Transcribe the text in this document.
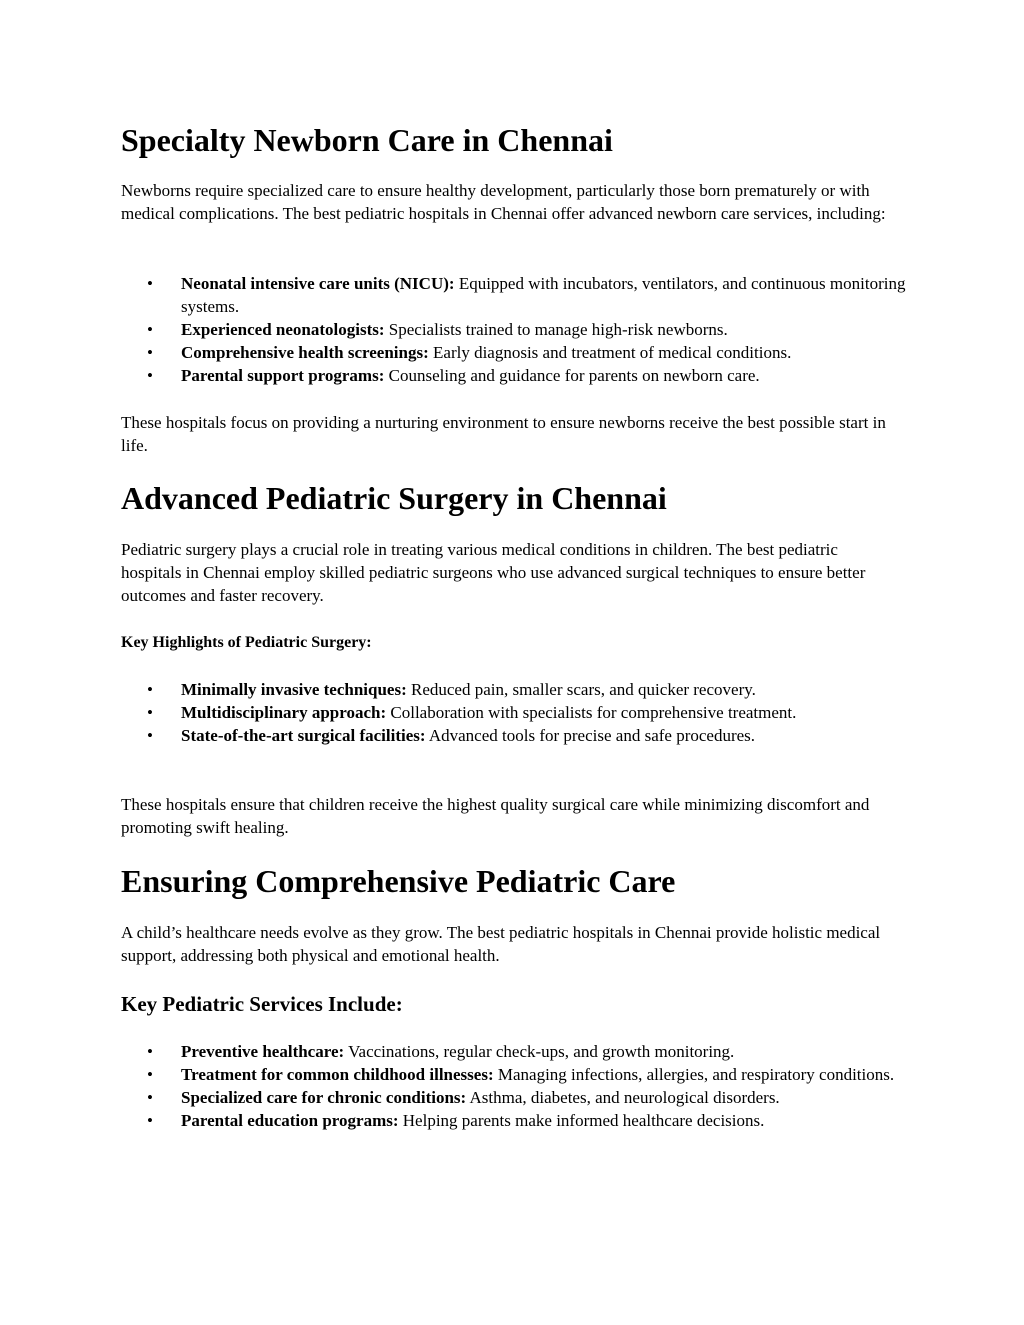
Specialty Newborn Care in Chennai

Newborns require specialized care to ensure healthy development, particularly those born prematurely or with medical complications. The best pediatric hospitals in Chennai offer advanced newborn care services, including:

• Neonatal intensive care units (NICU): Equipped with incubators, ventilators, and continuous monitoring systems.
• Experienced neonatologists: Specialists trained to manage high-risk newborns.
• Comprehensive health screenings: Early diagnosis and treatment of medical conditions.
• Parental support programs: Counseling and guidance for parents on newborn care.

These hospitals focus on providing a nurturing environment to ensure newborns receive the best possible start in life.

Advanced Pediatric Surgery in Chennai

Pediatric surgery plays a crucial role in treating various medical conditions in children. The best pediatric hospitals in Chennai employ skilled pediatric surgeons who use advanced surgical techniques to ensure better outcomes and faster recovery.

Key Highlights of Pediatric Surgery:
• Minimally invasive techniques: Reduced pain, smaller scars, and quicker recovery.
• Multidisciplinary approach: Collaboration with specialists for comprehensive treatment.
• State-of-the-art surgical facilities: Advanced tools for precise and safe procedures.

These hospitals ensure that children receive the highest quality surgical care while minimizing discomfort and promoting swift healing.

Ensuring Comprehensive Pediatric Care

A child’s healthcare needs evolve as they grow. The best pediatric hospitals in Chennai provide holistic medical support, addressing both physical and emotional health.

Key Pediatric Services Include:
• Preventive healthcare: Vaccinations, regular check-ups, and growth monitoring.
• Treatment for common childhood illnesses: Managing infections, allergies, and respiratory conditions.
• Specialized care for chronic conditions: Asthma, diabetes, and neurological disorders.
• Parental education programs: Helping parents make informed healthcare decisions.
